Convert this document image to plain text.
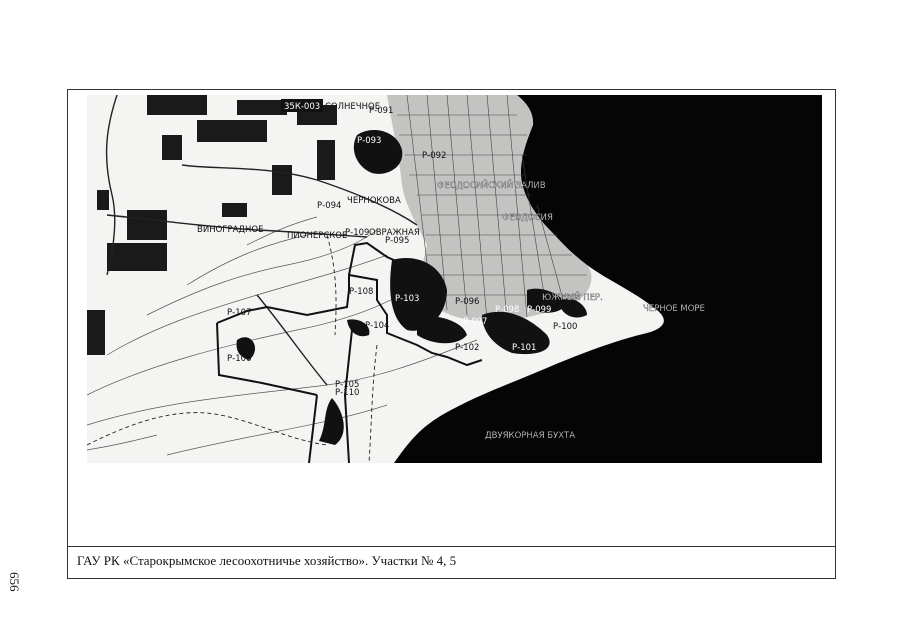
35К-003 СОЛНЕЧНОЕ
Р-091
Р-093
Р-092
ФЕОДОСИЙСКИЙ ЗАЛИВ
ЧЕРНОКОВА
Р-094
ФЕОДОСИЯ
ВИНОГРАДНОЕ
ПИОНЕРСКОЕ
Р-109 ОВРАЖНАЯ
Р-095
ЮЖНЫЙ ПЕР.
Р-108
Р-103	Р-096
Р-098 Р-099	ЧЕРНОЕ МОРЕ
Р-107
Р-097	Р-100
Р-104
Р-101
Р-102
Р-106
Р-105
Р-110
ДВУЯКОРНАЯ БУХТА
ГАУ РК «Старокрымское лесоохотничье хозяйство». Участки № 4, 5
656
